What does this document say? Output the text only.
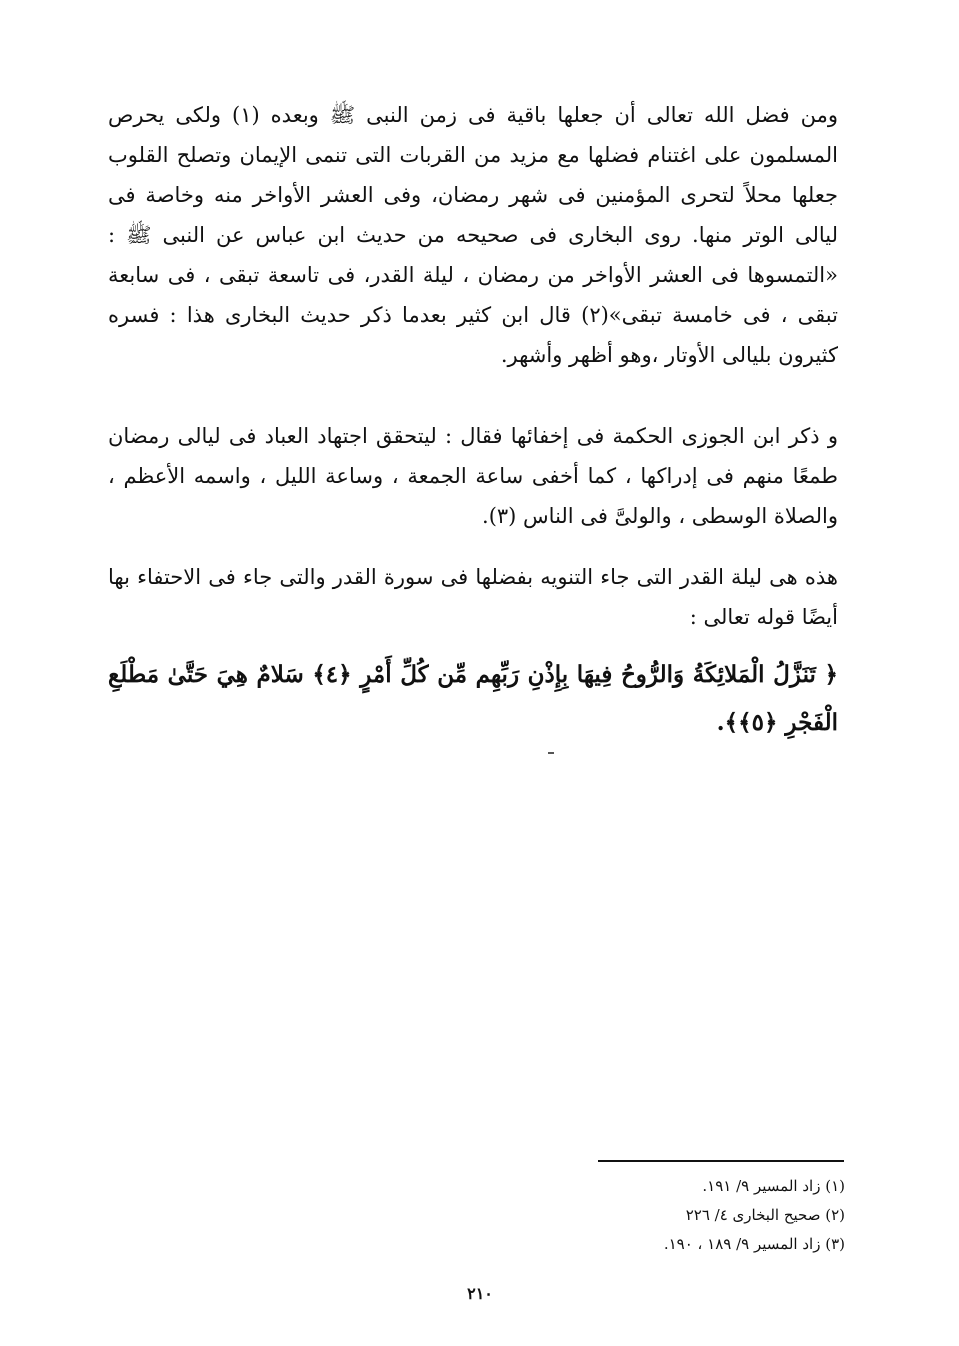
ومن فضل الله تعالى أن جعلها باقية فى زمن النبى ﷺ وبعده (١) ولكى يحرص المسلمون على اغتنام فضلها مع مزيد من القربات التى تنمى الإيمان وتصلح القلوب جعلها محلاً لتحرى المؤمنين فى شهر رمضان، وفى العشر الأواخر منه وخاصة فى ليالى الوتر منها. روى البخارى فى صحيحه من حديث ابن عباس عن النبى ﷺ : «التمسوها فى العشر الأواخر من رمضان ، ليلة القدر، فى تاسعة تبقى ، فى سابعة تبقى ، فى خامسة تبقى»(٢) قال ابن كثير بعدما ذكر حديث البخارى هذا : فسره كثيرون بليالى الأوتار ،وهو أظهر وأشهر.

و ذكر ابن الجوزى الحكمة فى إخفائها فقال : ليتحقق اجتهاد العباد فى ليالى رمضان طمعًا منهم فى إدراكها ، كما أخفى ساعة الجمعة ، وساعة الليل ، واسمه الأعظم ، والصلاة الوسطى ، والولىَّ فى الناس (٣).

هذه هى ليلة القدر التى جاء التنويه بفضلها فى سورة القدر والتى جاء فى الاحتفاء بها أيضًا قوله تعالى :

﴿ تَنَزَّلُ الْمَلائِكَةُ وَالرُّوحُ فِيهَا بِإِذْنِ رَبِّهِم مِّن كُلِّ أَمْرٍ ﴿٤﴾ سَلامٌ هِيَ حَتَّىٰ مَطْلَعِ الْفَجْرِ ﴿٥﴾﴾.

(١) زاد المسير ٩/ ١٩١.
(٢) صحيح البخارى ٤/ ٢٢٦
(٣) زاد المسير ٩/ ١٨٩ ، ١٩٠.
٢١٠
